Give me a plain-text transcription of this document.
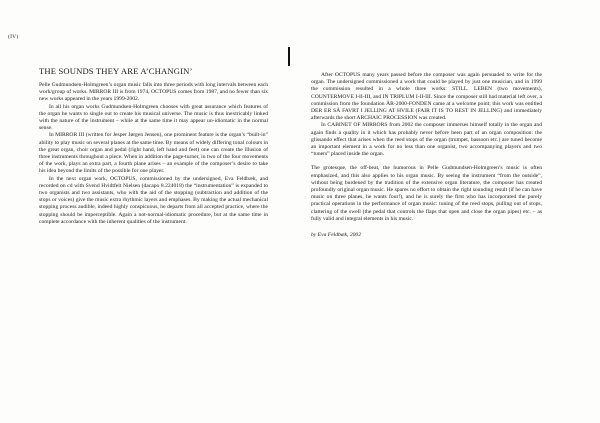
(IV)
THE SOUNDS THEY ARE A’CHANGIN’

Pelle Gudmundsen-Holmgreen’s organ music falls into three periods with long intervals between each work/group of works. MIRROR III is from 1974, OCTOPUS comes from 1987, and no fewer than six new works appeared in the years 1999-2002.

In all his organ works Gudmundsen-Holmgreen chooses with great assurance which features of the organ he wants to single out to create his musical universe. The music is thus inextricably linked with the nature of the instrument – while at the same time it may appear un-idiomatic in the normal sense.

In MIRROR III (written for Jesper Jørgen Jensen), one prominent feature is the organ’s “built-in” ability to play music on several planes at the same time. By means of widely differing tonal colours in the great organ, choir organ and pedal (right hand, left hand and feet) one can create the illusion of three instruments throughout a piece. When in addition the page-turner, in two of the four movements of the work, plays an extra part, a fourth plane arises – an example of the composer’s desire to take his idea beyond the limits of the possible for one player.

In the next organ work, OCTOPUS, commissioned by the undersigned, Eva Feldbæk, and recorded on cd with Svend Hvidtfelt Nielsen (dacapo 8.224018) the “instrumentation” is expanded to two organists and two assistants, who with the aid of the stopping (subtraction and addition of the stops or voices) give the music extra rhythmic layers and emphases. By making the actual mechanical stopping process audible, indeed highly conspicuous, he departs from all accepted practice, where the stopping should be imperceptible. Again a not-normal-idiomatic procedure, but at the same time in complete accordance with the inherent qualities of the instrument.

After OCTOPUS many years passed before the composer was again persuaded to write for the organ. The undersigned commissioned a work that could be played by just one musician, and in 1999 the commission resulted in a whole three works: STILL. LEBEN (two movements), COUNTERMOVE I-II-III, and IN TRIPLUM I-II-III. Since the composer still had material left over, a commission from the foundation ÅR-2000-FONDEN came at a welcome point; this work was entitled DER ER SÅ FAVRT I JELLING AT HVILE (FAIR IT IS TO REST IN JELLING) and immediately afterwards the short ARCHAIC PROCESSION was created.

In CABINET OF MIRRORS from 2002 the composer immerses himself totally in the organ and again finds a quality in it which has probably never before been part of an organ composition: the glissando effect that arises when the reed stops of the organ (trumpet, bassoon etc.) are tuned become an important element in a work for no less than one organist, two accompanying players and two “tuners” placed inside the organ.

The grotesque, the off-beat, the humorous in Pelle Gudmundsen-Holmgreen’s music is often emphasized, and this also applies to his organ music. By seeing the instrument “from the outside”, without being burdened by the tradition of the extensive organ literature, the composer has created profoundly original organ music. He spares no effort to obtain the right sounding result (if he can have music on three planes, he wants four!), and he is surely the first who has incorporated the purely practical operations in the performance of organ music: tuning of the reed stops, pulling out of stops, clattering of the swell (the pedal that controls the flaps that open and close the organ pipes) etc. – as fully valid and integral elements in his music.

by Eva Feldbæk, 2002
